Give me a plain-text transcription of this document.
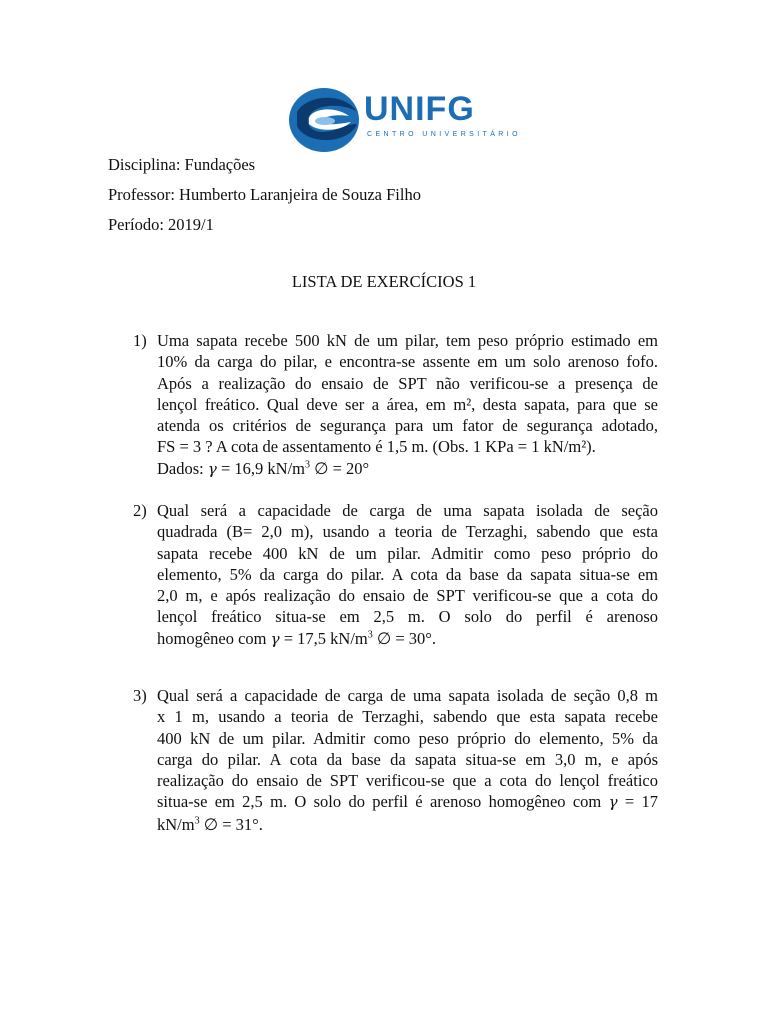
UNIFG
CENTRO UNIVERSITÁRIO
Disciplina: Fundações
Professor: Humberto Laranjeira de Souza Filho
Período: 2019/1
LISTA DE EXERCÍCIOS 1
1) Uma sapata recebe 500 kN de um pilar, tem peso próprio estimado em
10% da carga do pilar, e encontra-se assente em um solo arenoso fofo.
Após a realização do ensaio de SPT não verificou-se a presença de
lençol freático. Qual deve ser a área, em m², desta sapata, para que se
atenda os critérios de segurança para um fator de segurança adotado,
FS = 3 ? A cota de assentamento é 1,5 m. (Obs. 1 KPa = 1 kN/m²).
Dados: 𝛾 = 16,9 $kN/m^3$ ∅ = 20°
2) Qual será a capacidade de carga de uma sapata isolada de seção
quadrada (B= 2,0 m), usando a teoria de Terzaghi, sabendo que esta
sapata recebe 400 kN de um pilar. Admitir como peso próprio do
elemento, 5% da carga do pilar. A cota da base da sapata situa-se em
2,0 m, e após realização do ensaio de SPT verificou-se que a cota do
lençol freático situa-se em 2,5 m. O solo do perfil é arenoso
homogêneo com 𝛾 = 17,5 $kN/m^3$ ∅ = 30°.
3) Qual será a capacidade de carga de uma sapata isolada de seção 0,8 m
x 1 m, usando a teoria de Terzaghi, sabendo que esta sapata recebe
400 kN de um pilar. Admitir como peso próprio do elemento, 5% da
carga do pilar. A cota da base da sapata situa-se em 3,0 m, e após
realização do ensaio de SPT verificou-se que a cota do lençol freático
situa-se em 2,5 m. O solo do perfil é arenoso homogêneo com 𝛾 = 17
$kN/m^3$ ∅ = 31°.
